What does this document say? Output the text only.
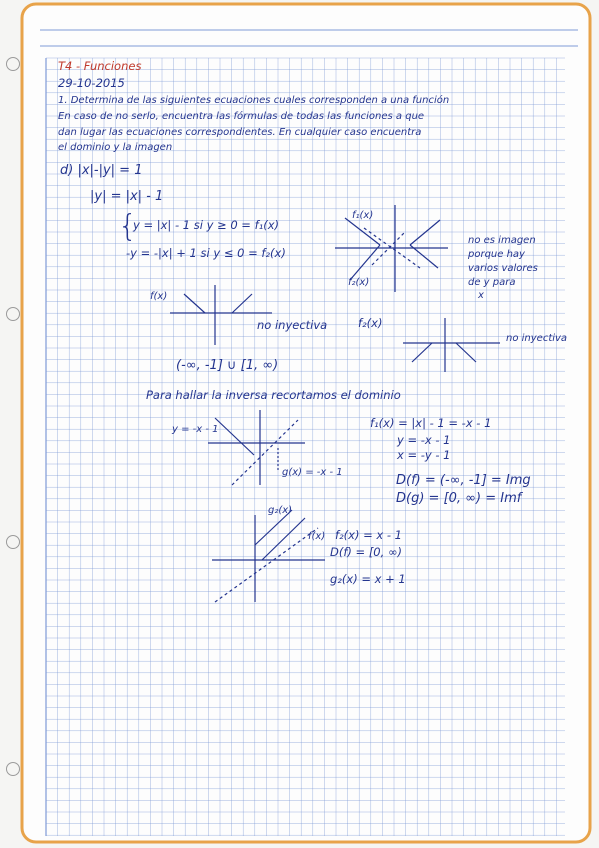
T4 - Funciones
29-10-2015
1. Determina de las siguientes ecuaciones cuales corresponden a una función
En caso de no serlo, encuentra las fórmulas de todas las funciones a que
dan lugar las ecuaciones correspondientes. En cualquier caso encuentra
el dominio y la imagen
d) |x|-|y| = 1
|y| = |x| - 1
{
y = |x| - 1 si y ≥ 0 = f₁(x)
-y = -|x| + 1 si y ≤ 0 = f₂(x)
f₁(x)
f₂(x)
no es imagen
porque hay
varios valores
de y para
x
f(x)
no inyectiva	f₂(x)
no inyectiva
(-∞, -1] ∪ [1, ∞)
Para hallar la inversa recortamos el dominio
y = -x - 1
g(x) = -x - 1
f₁(x) = |x| - 1 = -x - 1
y = -x - 1
x = -y - 1
D(f) = (-∞, -1] = Img
D(g) = [0, ∞) = Imf
g₂(x)
f(x) f₂(x) = x - 1
D(f) = [0, ∞)
g₂(x) = x + 1
